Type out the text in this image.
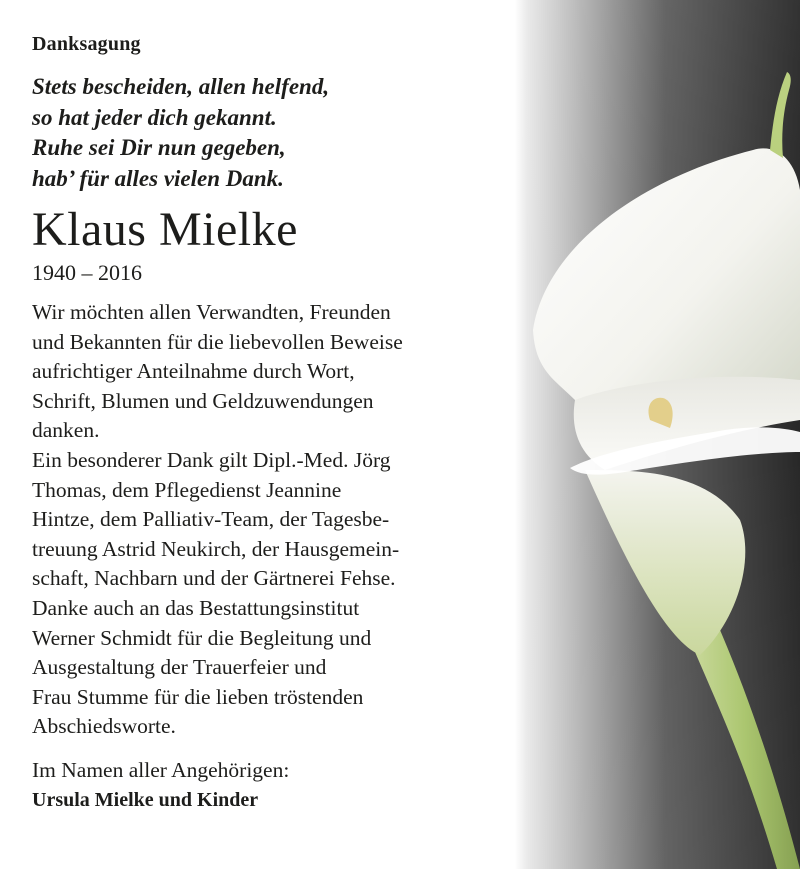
Danksagung
Stets bescheiden, allen helfend,
so hat jeder dich gekannt.
Ruhe sei Dir nun gegeben,
hab’ für alles vielen Dank.
Klaus Mielke
1940 – 2016
Wir möchten allen Verwandten, Freunden
und Bekannten für die liebevollen Beweise
aufrichtiger Anteilnahme durch Wort,
Schrift, Blumen und Geldzuwendungen
danken.
Ein besonderer Dank gilt Dipl.-Med. Jörg
Thomas, dem Pflegedienst Jeannine
Hintze, dem Palliativ-Team, der Tagesbe-
treuung Astrid Neukirch, der Hausgemein-
schaft, Nachbarn und der Gärtnerei Fehse.
Danke auch an das Bestattungsinstitut
Werner Schmidt für die Begleitung und
Ausgestaltung der Trauerfeier und
Frau Stumme für die lieben tröstenden
Abschiedsworte.
Im Namen aller Angehörigen:
Ursula Mielke und Kinder
